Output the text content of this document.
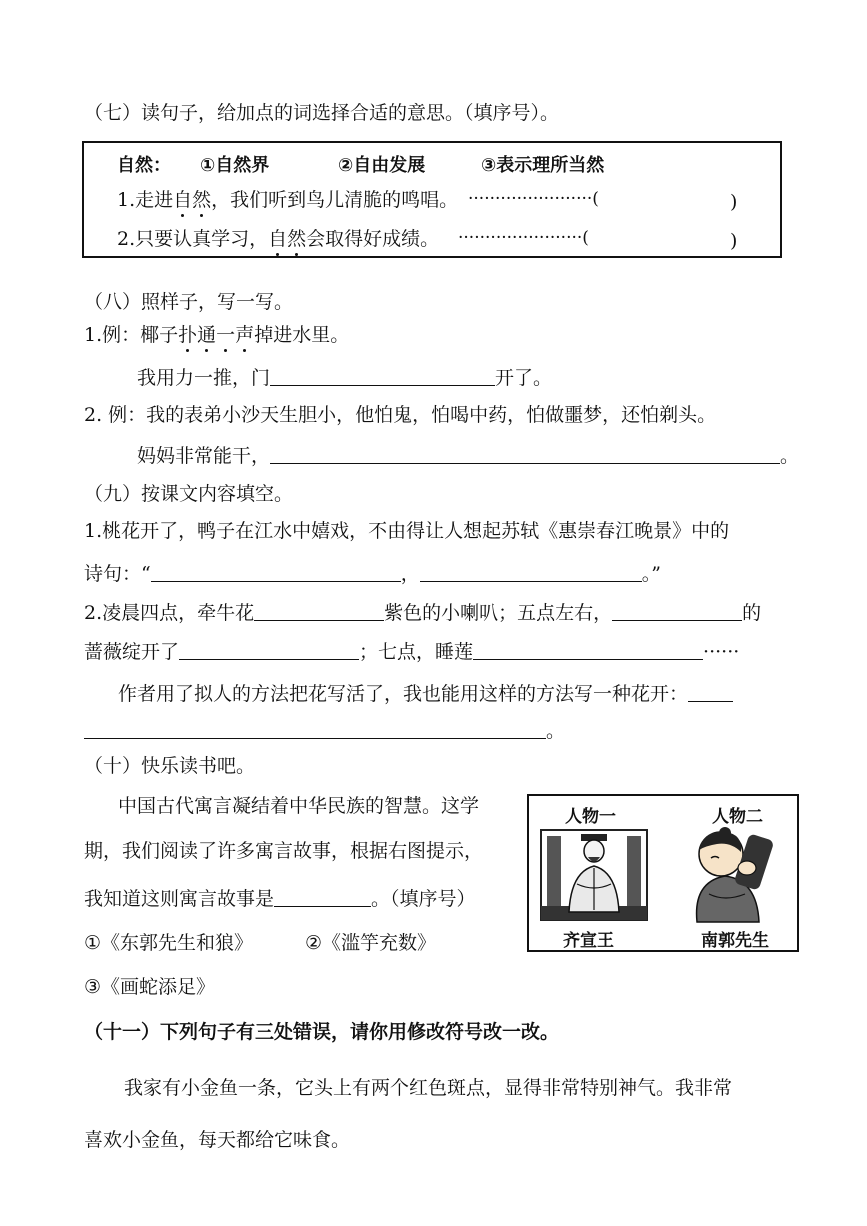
（七）读句子，给加点的词选择合适的意思。（填序号）。
自然： ①自然界	②自由发展	③表示理所当然
1.走进自然，我们听到鸟儿清脆的鸣唱。 ·······················(	)
2.只要认真学习，自然会取得好成绩。 ·······················(	)
（八）照样子，写一写。
1.例：椰子扑通一声掉进水里。
我用力一推，门	开了。
2. 例：我的表弟小沙天生胆小，他怕鬼，怕喝中药，怕做噩梦，还怕剃头。
妈妈非常能干，	。
（九）按课文内容填空。
1.桃花开了，鸭子在江水中嬉戏，不由得让人想起苏轼《惠崇春江晚景》中的
诗句：“	，	。”
2.凌晨四点，牵牛花	紫色的小喇叭；五点左右，	的
蔷薇绽开了	；七点，睡莲	······
作者用了拟人的方法把花写活了，我也能用这样的方法写一种花开：
。
（十）快乐读书吧。
中国古代寓言凝结着中华民族的智慧。这学
期，我们阅读了许多寓言故事，根据右图提示，
我知道这则寓言故事是	。（填序号）
①《东郭先生和狼》	②《滥竽充数》
③《画蛇添足》
人物一	人物二
齐宣王	南郭先生
（十一）下列句子有三处错误，请你用修改符号改一改。
我家有小金鱼一条，它头上有两个红色斑点，显得非常特别神气。我非常
喜欢小金鱼，每天都给它味食。
